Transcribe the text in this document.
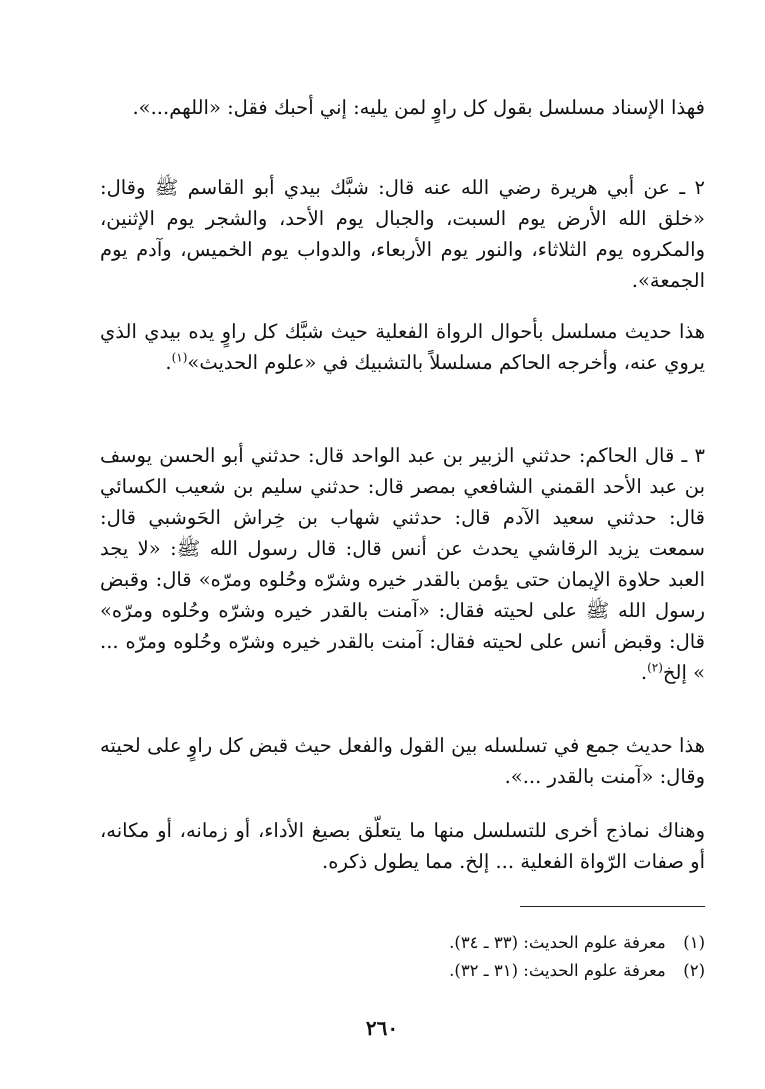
فهذا الإسناد مسلسل بقول كل راوٍ لمن يليه: إني أحبك فقل: «اللهم...».

٢ ـ عن أبي هريرة رضي الله عنه قال: شبَّك بيدي أبو القاسم ﷺ وقال: «خلق الله الأرض يوم السبت، والجبال يوم الأحد، والشجر يوم الإثنين، والمكروه يوم الثلاثاء، والنور يوم الأربعاء، والدواب يوم الخميس، وآدم يوم الجمعة».

هذا حديث مسلسل بأحوال الرواة الفعلية حيث شبَّك كل راوٍ يده بيدي الذي يروي عنه، وأخرجه الحاكم مسلسلاً بالتشبيك في «علوم الحديث»$^{(١)}$.

٣ ـ قال الحاكم: حدثني الزبير بن عبد الواحد قال: حدثني أبو الحسن يوسف بن عبد الأحد القمني الشافعي بمصر قال: حدثني سليم بن شعيب الكسائي قال: حدثني سعيد الآدم قال: حدثني شهاب بن خِراش الحَوشبي قال: سمعت يزيد الرقاشي يحدث عن أنس قال: قال رسول الله ﷺ: «لا يجد العبد حلاوة الإيمان حتى يؤمن بالقدر خيره وشرّه وحُلوه ومرّه» قال: وقبض رسول الله ﷺ على لحيته فقال: «آمنت بالقدر خيره وشرّه وحُلوه ومرّه» قال: وقبض أنس على لحيته فقال: آمنت بالقدر خيره وشرّه وحُلوه ومرّه ... » إلخ$^{(٢)}$.

هذا حديث جمع في تسلسله بين القول والفعل حيث قبض كل راوٍ على لحيته وقال: «آمنت بالقدر ...».

وهناك نماذج أخرى للتسلسل منها ما يتعلّق بصيغ الأداء، أو زمانه، أو مكانه، أو صفات الرّواة الفعلية ... إلخ. مما يطول ذكره.

(١) معرفة علوم الحديث: (٣٣ ـ ٣٤).
(٢) معرفة علوم الحديث: (٣١ ـ ٣٢).
٢٦٠
